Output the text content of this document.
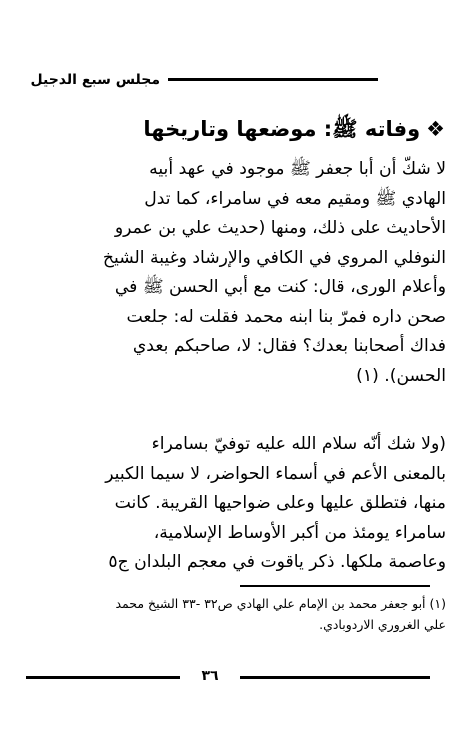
مجلس سبع الدجيل
❖وفاته ﷺ: موضعها وتاريخها
لا شكّ أن أبا جعفر ﷺ موجود في عهد أبيه
الهادي ﷺ ومقيم معه في سامراء، كما تدل
الأحاديث على ذلك، ومنها (حديث علي بن عمرو
النوفلي المروي في الكافي والإرشاد وغيبة الشيخ
وأعلام الورى، قال: كنت مع أبي الحسن ﷺ في
صحن داره فمرّ بنا ابنه محمد فقلت له: جلعت
فداك أصحابنا بعدك؟ فقال: لا، صاحبكم بعدي
الحسن). (١)
(ولا شك أنّه سلام الله عليه توفيّ بسامراء
بالمعنى الأعم في أسماء الحواضر، لا سيما الكبير
منها، فتطلق عليها وعلى ضواحيها القريبة. كانت
سامراء يومئذ من أكبر الأوساط الإسلامية،
وعاصمة ملكها. ذكر ياقوت في معجم البلدان ج٥
(١) أبو جعفر محمد بن الإمام علي الهادي ص٣٢ -٣٣ الشيخ محمد
علي الغروري الاردوبادي.
٣٦
